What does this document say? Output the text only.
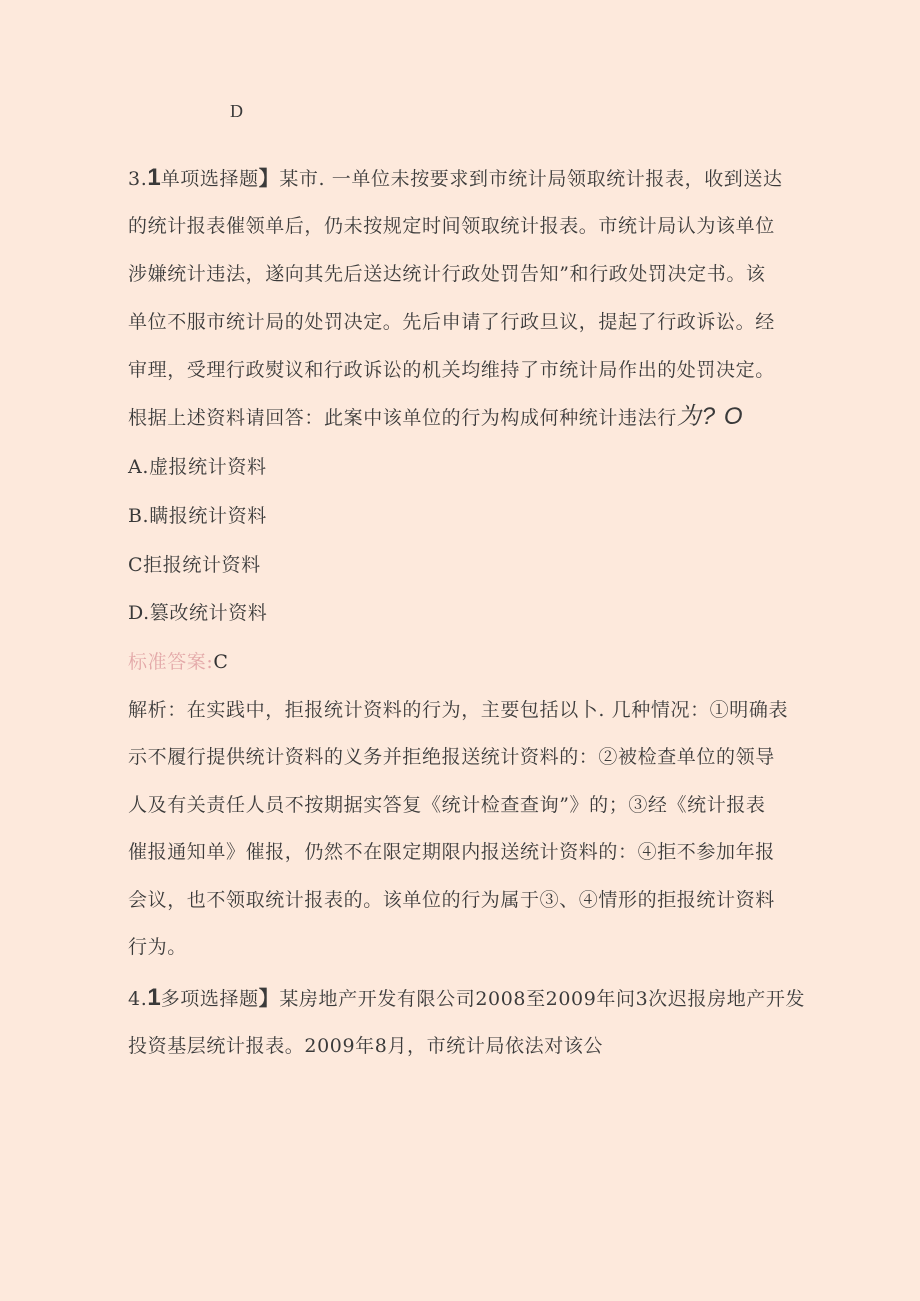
D
3.1单项选择题】某市. 一单位未按要求到市统计局领取统计报表，收到送达
的统计报表催领单后，仍未按规定时间领取统计报表。市统计局认为该单位
涉嫌统计违法，遂向其先后送达统计行政处罚告知”和行政处罚决定书。该
单位不服市统计局的处罚决定。先后申请了行政旦议，提起了行政诉讼。经
审理，受理行政熨议和行政诉讼的机关均维持了市统计局作出的处罚决定。
根据上述资料请回答：此案中该单位的行为构成何种统计违法行为? O
A.虚报统计资料
B.瞒报统计资料
C拒报统计资料
D.篡改统计资料
标准答案:C
解析：在实践中，拒报统计资料的行为，主要包括以卜. 几种情况：①明确表
示不履行提供统计资料的义务并拒绝报送统计资料的：②被检查单位的领导
人及有关责任人员不按期据实答复《统计检查查询”》的；③经《统计报表
催报通知单》催报，仍然不在限定期限内报送统计资料的：④拒不参加年报
会议，也不领取统计报表的。该单位的行为属于③、④情形的拒报统计资料
行为。
4.1多项选择题】某房地产开发有限公司2008至2009年问3次迟报房地产开发
投资基层统计报表。2009年8月，市统计局依法对该公
